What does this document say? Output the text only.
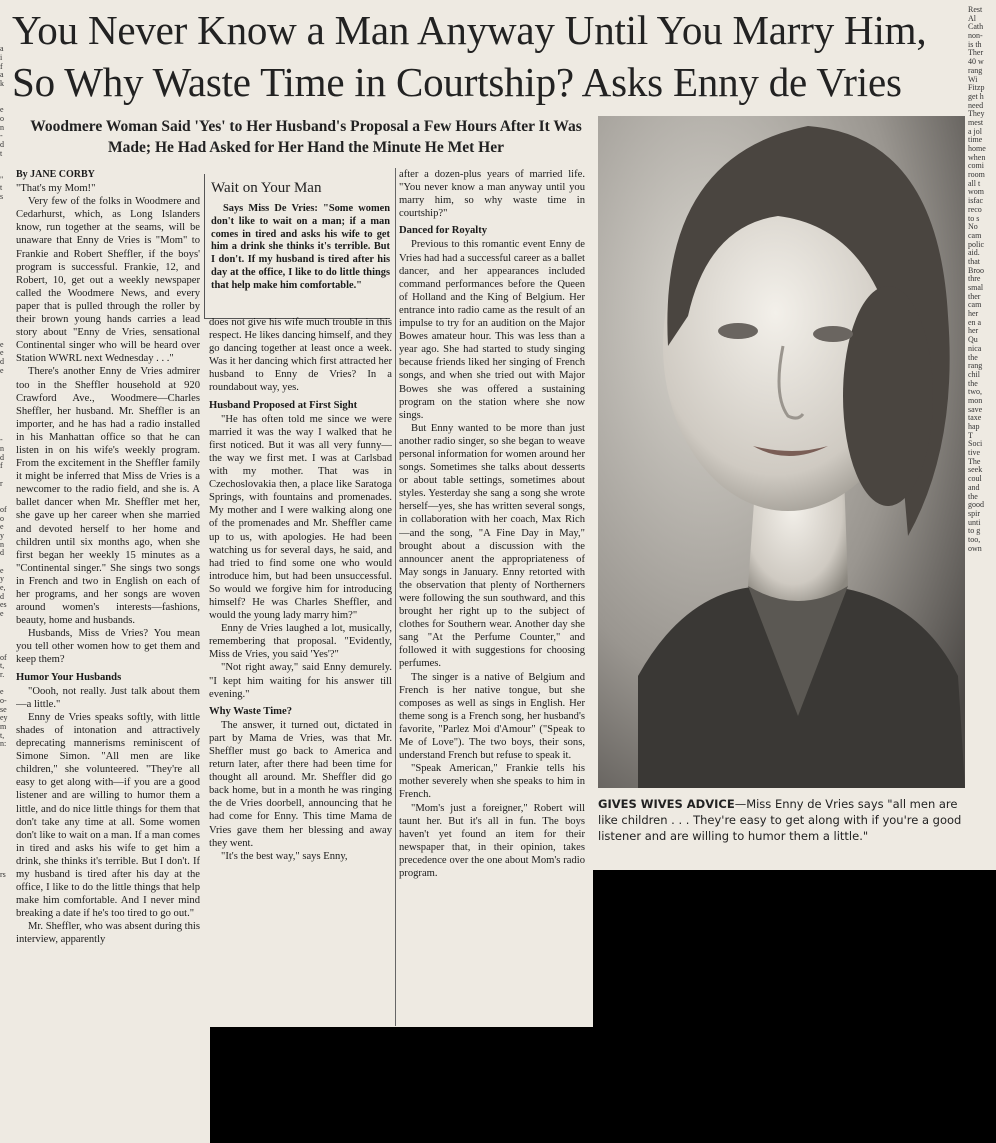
a
i
f
a
k
e
o
n
-
d
t
"
t
s
e
e
d
e
-
n
d
f
r
of
o
e
y
n
d
e
y
e,
d
es
e
of
t,
r.
e
o-
se
ey
m
t,
n:
rs
Rest
Al
Cath
non-
is th
Ther
40 w
rang
Wi
Fitzp
get h
need
They
mest
a jol
time
home
when
comi
room
all t
wom
isfac
reco
to s
No
cam
polic
aid.
that
Broo
thre
smal
ther
cam
her
en a
her
Qu
nica
the
rang
chil
the
two,
mon
save
taxe
hap
T
Soci
tive
The
seek
coul
and
the
good
spir
unti
to g
too,
own
You Never Know a Man Anyway Until You Marry Him, So Why Waste Time in Courtship? Asks Enny de Vries
Woodmere Woman Said 'Yes' to Her Husband's Proposal a Few Hours After It Was Made; He Had Asked for Her Hand the Minute He Met Her

By JANE CORBY

"That's my Mom!"

Very few of the folks in Woodmere and Cedarhurst, which, as Long Islanders know, run together at the seams, will be unaware that Enny de Vries is "Mom" to Frankie and Robert Sheffler, if the boys' program is successful. Frankie, 12, and Robert, 10, get out a weekly newspaper called the Woodmere News, and every paper that is pulled through the roller by their brown young hands carries a lead story about "Enny de Vries, sensational Continental singer who will be heard over Station WWRL next Wednesday . . ."

There's another Enny de Vries admirer too in the Sheffler household at 920 Crawford Ave., Woodmere—Charles Sheffler, her husband. Mr. Sheffler is an importer, and he has had a radio installed in his Manhattan office so that he can listen in on his wife's weekly program. From the excitement in the Sheffler family it might be inferred that Miss de Vries is a newcomer to the radio field, and she is. A ballet dancer when Mr. Sheffler met her, she gave up her career when she married and devoted herself to her home and children until six months ago, when she first began her weekly 15 minutes as a "Continental singer." She sings two songs in French and two in English on each of her programs, and her songs are woven around women's interests—fashions, beauty, home and husbands.

Husbands, Miss de Vries? You mean you tell other women how to get them and keep them?

Humor Your Husbands

"Oooh, not really. Just talk about them—a little."

Enny de Vries speaks softly, with little shades of intonation and attractively deprecating mannerisms reminiscent of Simone Simon. "All men are like children," she volunteered. "They're all easy to get along with—if you are a good listener and are willing to humor them a little, and do nice little things for them that don't take any time at all. Some women don't like to wait on a man. If a man comes in tired and asks his wife to get him a drink, she thinks it's terrible. But I don't. If my husband is tired after his day at the office, I like to do the little things that help make him comfortable. And I never mind breaking a date if he's too tired to go out."

Mr. Sheffler, who was absent during this interview, apparently

Wait on Your Man

Says Miss De Vries: "Some women don't like to wait on a man; if a man comes in tired and asks his wife to get him a drink she thinks it's terrible. But I don't. If my husband is tired after his day at the office, I like to do little things that help make him comfortable."

does not give his wife much trouble in this respect. He likes dancing himself, and they go dancing together at least once a week. Was it her dancing which first attracted her husband to Enny de Vries? In a roundabout way, yes.

Husband Proposed at First Sight

"He has often told me since we were married it was the way I walked that he first noticed. But it was all very funny—the way we first met. I was at Carlsbad with my mother. That was in Czechoslovakia then, a place like Saratoga Springs, with fountains and promenades. My mother and I were walking along one of the promenades and Mr. Sheffler came up to us, with apologies. He had been watching us for several days, he said, and had tried to find some one who would introduce him, but had been unsuccessful. So would we forgive him for introducing himself? He was Charles Sheffler, and would the young lady marry him?"

Enny de Vries laughed a lot, musically, remembering that proposal. "Evidently, Miss de Vries, you said 'Yes'?"

"Not right away," said Enny demurely. "I kept him waiting for his answer till evening."

Why Waste Time?

The answer, it turned out, dictated in part by Mama de Vries, was that Mr. Sheffler must go back to America and return later, after there had been time for thought all around. Mr. Sheffler did go back home, but in a month he was ringing the de Vries doorbell, announcing that he had come for Enny. This time Mama de Vries gave them her blessing and away they went.

"It's the best way," says Enny,

after a dozen-plus years of married life. "You never know a man anyway until you marry him, so why waste time in courtship?"

Danced for Royalty

Previous to this romantic event Enny de Vries had had a successful career as a ballet dancer, and her appearances included command performances before the Queen of Holland and the King of Belgium. Her entrance into radio came as the result of an impulse to try for an audition on the Major Bowes amateur hour. This was less than a year ago. She had started to study singing because friends liked her singing of French songs, and when she tried out with Major Bowes she was offered a sustaining program on the station where she now sings.

But Enny wanted to be more than just another radio singer, so she began to weave personal information for women around her songs. Sometimes she talks about desserts or about table settings, sometimes about styles. Yesterday she sang a song she wrote herself—yes, she has written several songs, in collaboration with her coach, Max Rich—and the song, "A Fine Day in May," brought about a discussion with the announcer anent the appropriateness of May songs in January. Enny retorted with the observation that plenty of Northerners were following the sun southward, and this brought her right up to the subject of clothes for Southern wear. Another day she sang "At the Perfume Counter," and followed it with suggestions for choosing perfumes.

The singer is a native of Belgium and French is her native tongue, but she composes as well as sings in English. Her theme song is a French song, her husband's favorite, "Parlez Moi d'Amour" ("Speak to Me of Love"). The two boys, their sons, understand French but refuse to speak it.

"Speak American," Frankie tells his mother severely when she speaks to him in French.

"Mom's just a foreigner," Robert will taunt her. But it's all in fun. The boys haven't yet found an item for their newspaper that, in their opinion, takes precedence over the one about Mom's radio program.

GIVES WIVES ADVICE—Miss Enny de Vries says "all men are like children . . . They're easy to get along with if you're a good listener and are willing to humor them a little."
